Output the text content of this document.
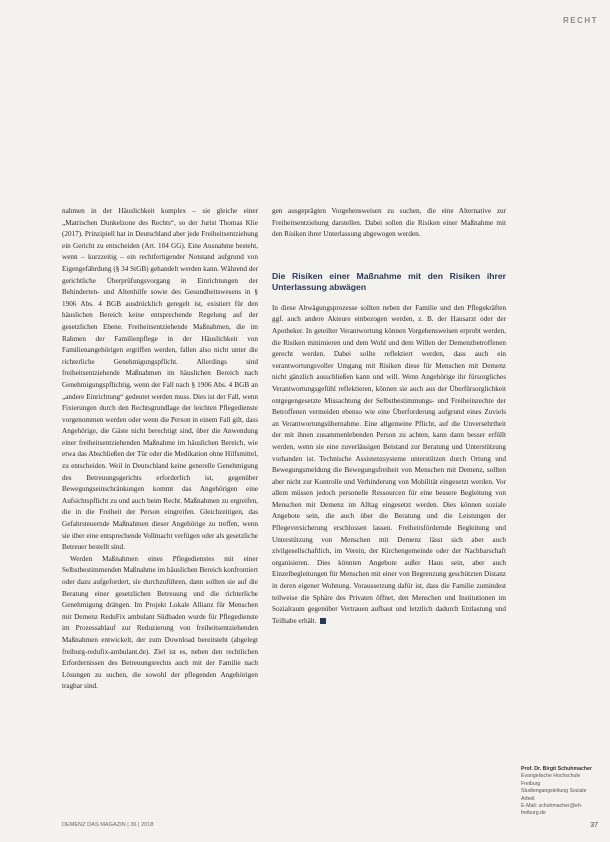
RECHT

nahmen in der Häuslichkeit komplex – sie gleiche einer „Matrischen Dunkelzone des Rechts“, so der Jurist Thomas Klie (2017). Prinzipiell hat in Deutschland aber jede Freiheitsentziehung ein Gericht zu entscheiden (Art. 104 GG). Eine Ausnahme besteht, wenn – kurzzeitig – ein rechtfertigender Notstand aufgrund von Eigengefährdung (§ 34 StGB) gehandelt werden kann. Während der gerichtliche Überprüfungsvorgang in Einrichtungen der Behinderten- und Altenhilfe sowie des Gesundheitswesens in § 1906 Abs. 4 BGB ausdrücklich geregelt ist, existiert für den häuslichen Bereich keine entsprechende Regelung auf der gesetzlichen Ebene. Freiheitsentziehende Maßnahmen, die im Rahmen der Familienpflege in der Häuslichkeit von Familienangehörigen ergriffen werden, fallen also nicht unter die richterliche Genehmigungspflicht. Allerdings sind freiheitsentziehende Maßnahmen im häuslichen Bereich nach Genehmigungspflichtig, wenn der Fall nach § 1906 Abs. 4 BGB an „andere Einrichtung“ gedeutet werden muss. Dies ist der Fall, wenn Fixierungen durch den Rechtsgrundlage der leichten Pflegedienste vorgenommen werden oder wenn die Person in einem Fall gilt, dass Angehörige, die Gäste nicht berechtigt sind, über die Anwendung einer freiheitsentziehenden Maßnahme im häuslichen Bereich, wie etwa das Abschließen der Tür oder die Medikation ohne Hilfsmittel, zu entscheiden. Weil in Deutschland keine generelle Genehmigung des Betreuungsgerichts erforderlich ist, gegenüber Bewegungseinschränkungen kommt das Angehörigen eine Aufsichtspflicht zu und auch beim Recht. Maßnahmen zu ergreifen, die in die Freiheit der Person eingreifen. Gleichzeitigen, das Gefahrsteuernde Maßnahmen dieser Angehörige zu treffen, wenn sie über eine entsprechende Vollmacht verfügen oder als gesetzliche Betreuer bestellt sind.

Werden Maßnahmen eines Pflegedienstes mit einer Selbstbestimmenden Maßnahme im häuslichen Bereich konfrontiert oder dazu aufgefordert, sie durchzuführen, dann sollten sie auf die Beratung einer gesetzlichen Betreuung und die richterliche Genehmigung drängen. Im Projekt Lokale Allianz für Menschen mit Demenz ReduFix ambulant Südbaden wurde für Pflegedienste im Prozessablauf zur Reduzierung von freiheitsentziehenden Maßnahmen entwickelt, der zum Download bereitsteht (abgelegt freiburg-redufix-ambulant.de). Ziel ist es, neben den rechtlichen Erfordernissen des Betreuungsrechts auch mit der Familie nach Lösungen zu suchen, die sowohl der pflegenden Angehörigen tragbar sind.

gen ausgeprägten Vorgehensweisen zu suchen, die eine Alternative zur Freiheitsentziehung darstellen. Dabei sollen die Risiken einer Maßnahme mit den Risiken ihrer Unterlassung abgewogen werden.

Die Risiken einer Maßnahme mit den Risiken ihrer Unterlassung abwägen

In diese Abwägungsprozesse sollten neben der Familie und den Pflegekräften ggf. auch andere Akteure einbezogen werden, z. B. der Hausarzt oder der Apotheker. In geteilter Verantwortung können Vorgehensweisen erprobt werden, die Risiken minimieren und dem Wohl und dem Willen der Demenzbetroffenen gerecht werden. Dabei sollte reflektiert werden, dass auch ein verantwortungsvoller Umgang mit Risiken diese für Menschen mit Demenz nicht gänzlich ausschließen kann und will. Wenn Angehörige ihr fürsorgliches Verantwortungsgefühl reflektieren, können sie auch aus der Überfürsorglichkeit entgegengesetzte Missachtung der Selbstbestimmungs- und Freiheitsrechte der Betroffenen vermeiden ebenso wie eine Überforderung aufgrund eines Zuviels an Verantwortungsübernahme. Eine allgemeine Pflicht, auf die Unversehrtheit der mit ihnen zusammenlebenden Person zu achten, kann dann besser erfüllt werden, wenn sie eine zuverlässigen Beistand zur Beratung und Unterstützung vorhanden ist. Technische Assistenzsysteme unterstützen durch Ortung und Bewegungsmeldung die Bewegungsfreiheit von Menschen mit Demenz, sollten aber nicht zur Kontrolle und Verhinderung von Mobilität eingesetzt werden. Vor allem müssen jedoch personelle Ressourcen für eine bessere Begleitung von Menschen mit Demenz im Alltag eingesetzt werden. Dies können soziale Angebote sein, die auch über die Beratung und die Leistungen der Pflegeversicherung erschlossen lassen. Freiheitsfördernde Begleitung und Unterstützung von Menschen mit Demenz lässt sich aber auch zivilgesellschaftlich, im Verein, der Kirchengemeinde oder der Nachbarschaft organisieren. Dies könnten Angebote außer Haus sein, aber auch Einzelbegleitungen für Menschen mit einer von Begrenzung geschützten Distanz in deren eigener Wohnung. Voraussetzung dafür ist, dass die Familie zumindest teilweise die Sphäre des Privaten öffnet, den Menschen und Institutionen im Sozialraum gegenüber Vertrauen aufbaut und letztlich dadurch Entlastung und Teilhabe erhält.

Prof. Dr. Birgit Schuhmacher
Evangelische Hochschule Freiburg
Studiengangsleitung Soziale Arbeit
E-Mail: schuhmacher@eh-freiburg.de
DEMENZ DAS MAGAZIN | 36 | 2018	37
